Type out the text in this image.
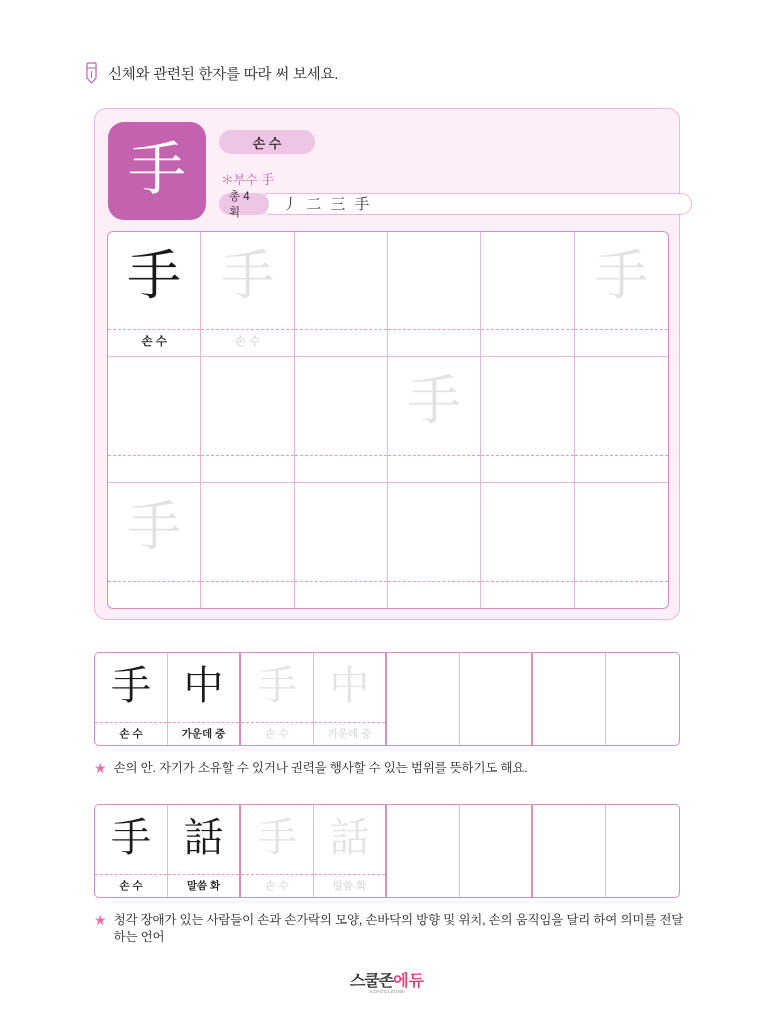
신체와 관련된 한자를 따라 써 보세요.
手	손 수
＊부수 手
총 4획
丿 二 三 手
手
손 수
手
손 수
手
手
手
手
손 수
中
가운데 중
手
손 수
中
가운데 중
★ 손의 안. 자기가 소유할 수 있거나 권력을 행사할 수 있는 범위를 뜻하기도 해요.
手
손 수
話
말씀 화
手
손 수
話
말씀 화
★ 청각 장애가 있는 사람들이 손과 손가락의 모양, 손바닥의 방향 및 위치, 손의 움직임을 달리 하여 의미를 전달하는 언어
스쿨존에듀
SCHOOLZONE
